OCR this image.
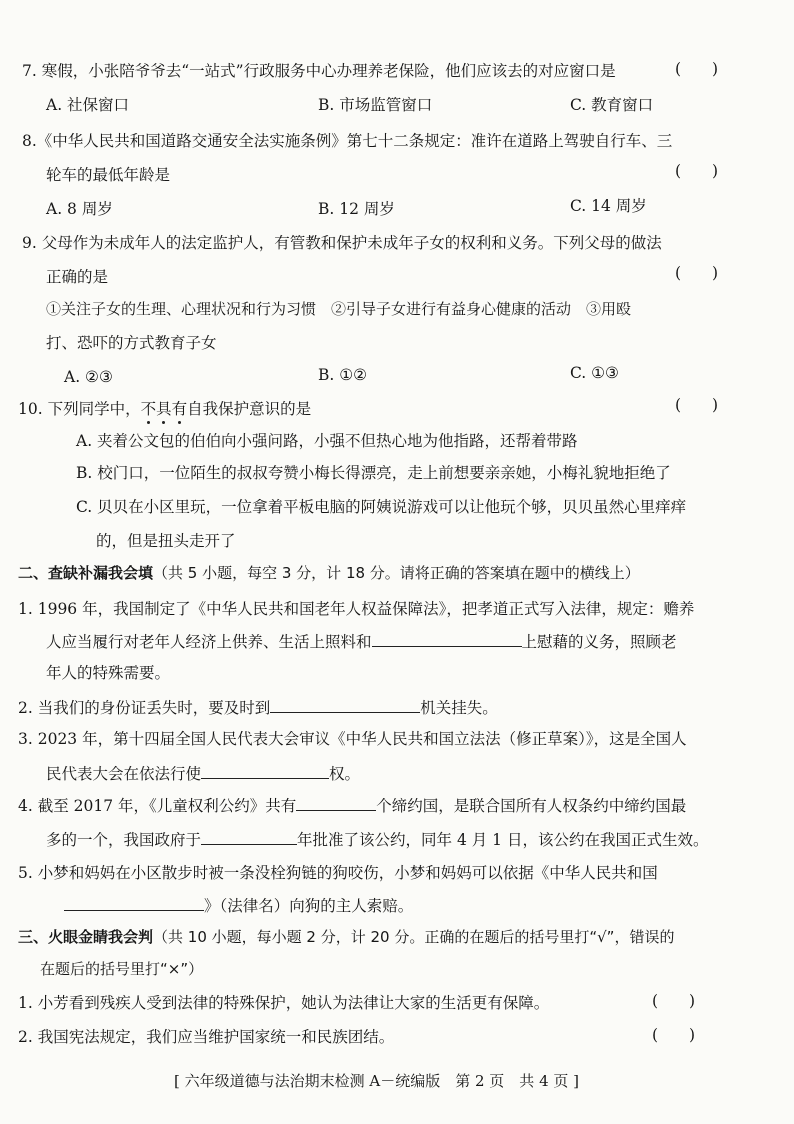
7. 寒假，小张陪爷爷去“一站式”行政服务中心办理养老保险，他们应该去的对应窗口是	(　　)
A. 社保窗口	B. 市场监管窗口	C. 教育窗口
8.《中华人民共和国道路交通安全法实施条例》第七十二条规定：准许在道路上驾驶自行车、三
轮车的最低年龄是	(　　)
A. 8 周岁	B. 12 周岁	C. 14 周岁
9. 父母作为未成年人的法定监护人，有管教和保护未成年子女的权利和义务。下列父母的做法
正确的是	(　　)
①关注子女的生理、心理状况和行为习惯　②引导子女进行有益身心健康的活动　③用殴
打、恐吓的方式教育子女
A. ②③	B. ①②	C. ①③
10. 下列同学中，不
具
有
自我保护意识的是	(　　)
A. 夹着公文包的伯伯向小强问路，小强不但热心地为他指路，还帮着带路
B. 校门口，一位陌生的叔叔夸赞小梅长得漂亮，走上前想要亲亲她，小梅礼貌地拒绝了
C. 贝贝在小区里玩，一位拿着平板电脑的阿姨说游戏可以让他玩个够，贝贝虽然心里痒痒
的，但是扭头走开了
二、查缺补漏我会填（共 5 小题，每空 3 分，计 18 分。请将正确的答案填在题中的横线上）
1. 1996 年，我国制定了《中华人民共和国老年人权益保障法》，把孝道正式写入法律，规定：赡养
人应当履行对老年人经济上供养、生活上照料和	上慰藉的义务，照顾老
年人的特殊需要。
2. 当我们的身份证丢失时，要及时到	机关挂失。
3. 2023 年，第十四届全国人民代表大会审议《中华人民共和国立法法（修正草案）》，这是全国人
民代表大会在依法行使	权。
4. 截至 2017 年，《儿童权利公约》共有	个缔约国，是联合国所有人权条约中缔约国最
多的一个，我国政府于	年批准了该公约，同年 4 月 1 日，该公约在我国正式生效。
5. 小梦和妈妈在小区散步时被一条没栓狗链的狗咬伤，小梦和妈妈可以依据《中华人民共和国
》（法律名）向狗的主人索赔。
三、火眼金睛我会判（共 10 小题，每小题 2 分，计 20 分。正确的在题后的括号里打“√”，错误的
在题后的括号里打“×”）
1. 小芳看到残疾人受到法律的特殊保护，她认为法律让大家的生活更有保障。	(　　)
2. 我国宪法规定，我们应当维护国家统一和民族团结。	(　　)
[ 六年级道德与法治期末检测 A－统编版　第 2 页　共 4 页 ]
